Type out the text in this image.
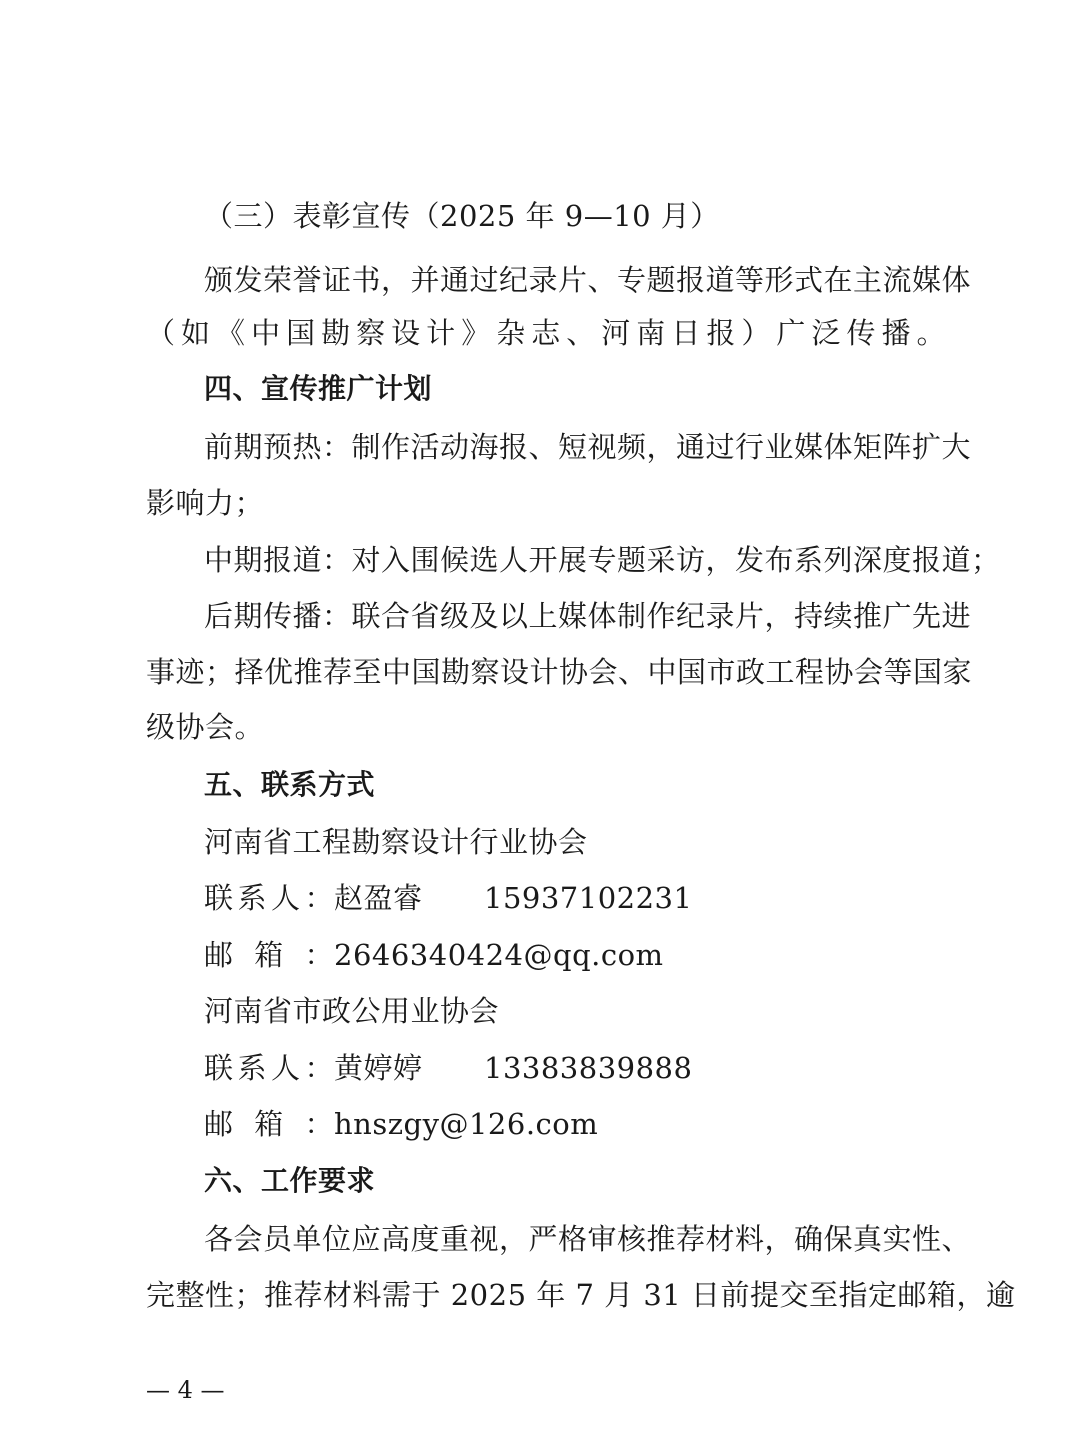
（三）表彰宣传（2025 年 9—10 月）
颁发荣誉证书，并通过纪录片、专题报道等形式在主流媒体
（如《中国勘察设计》杂志、河南日报）广泛传播。
四、宣传推广计划
前期预热：制作活动海报、短视频，通过行业媒体矩阵扩大
影响力；
中期报道：对入围候选人开展专题采访，发布系列深度报道；
后期传播：联合省级及以上媒体制作纪录片，持续推广先进
事迹；择优推荐至中国勘察设计协会、中国市政工程协会等国家
级协会。
五、联系方式
河南省工程勘察设计行业协会
联系人：赵盈睿 15937102231
邮箱：2646340424@qq.com
河南省市政公用业协会
联系人：黄婷婷 13383839888
邮箱：hnszgy@126.com
六、工作要求
各会员单位应高度重视，严格审核推荐材料，确保真实性、
完整性；推荐材料需于 2025 年 7 月 31 日前提交至指定邮箱，逾
— 4 —
